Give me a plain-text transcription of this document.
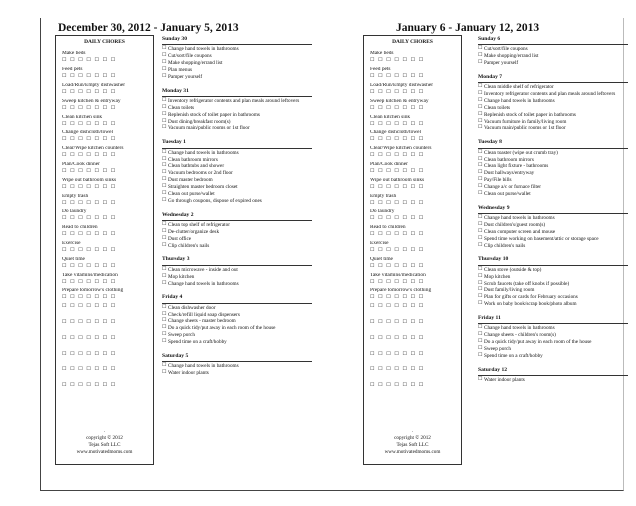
December 30, 2012 - January 5, 2013
DAILY CHORES
Make beds
☐ ☐ ☐ ☐ ☐ ☐ ☐
Feed pets
☐ ☐ ☐ ☐ ☐ ☐ ☐
Load/Run/Empty dishwasher
☐ ☐ ☐ ☐ ☐ ☐ ☐
Sweep kitchen & entryway
☐ ☐ ☐ ☐ ☐ ☐ ☐
Clean kitchen sink
☐ ☐ ☐ ☐ ☐ ☐ ☐
Change dishcloth/towel
☐ ☐ ☐ ☐ ☐ ☐ ☐
Clear/Wipe kitchen counters
☐ ☐ ☐ ☐ ☐ ☐ ☐
Plan/Cook dinner
☐ ☐ ☐ ☐ ☐ ☐ ☐
Wipe out bathroom sinks
☐ ☐ ☐ ☐ ☐ ☐ ☐
Empty trash
☐ ☐ ☐ ☐ ☐ ☐ ☐
Do laundry
☐ ☐ ☐ ☐ ☐ ☐ ☐
Read to children
☐ ☐ ☐ ☐ ☐ ☐ ☐
Exercise
☐ ☐ ☐ ☐ ☐ ☐ ☐
Quiet time
☐ ☐ ☐ ☐ ☐ ☐ ☐
Take vitamins/medication
☐ ☐ ☐ ☐ ☐ ☐ ☐
Prepare tomorrow's clothing
☐ ☐ ☐ ☐ ☐ ☐ ☐
☐ ☐ ☐ ☐ ☐ ☐ ☐
☐ ☐ ☐ ☐ ☐ ☐ ☐
☐ ☐ ☐ ☐ ☐ ☐ ☐
☐ ☐ ☐ ☐ ☐ ☐ ☐
☐ ☐ ☐ ☐ ☐ ☐ ☐
☐ ☐ ☐ ☐ ☐ ☐ ☐
.
copyright © 2012
Tejas Soft LLC
www.motivatedmoms.com
Sunday 30
☐ Change hand towels in bathrooms
☐ Cut/sort/file coupons
☐ Make shopping/errand list
☐ Plan menus
☐ Pamper yourself
Monday 31
☐ Inventory refrigerator contents and plan meals around leftovers
☐ Clean toilets
☐ Replenish stock of toilet paper in bathrooms
☐ Dust dining/breakfast room(s)
☐ Vacuum main/public rooms or 1st floor
Tuesday 1
☐ Change hand towels in bathrooms
☐ Clean bathroom mirrors
☐ Clean bathtubs and shower
☐ Vacuum bedrooms or 2nd floor
☐ Dust master bedroom
☐ Straighten master bedroom closet
☐ Clean out purse/wallet
☐ Go through coupons, dispose of expired ones
Wednesday 2
☐ Clean top shelf of refrigerator
☐ De-clutter/organize desk
☐ Dust office
☐ Clip children's nails
Thursday 3
☐ Clean microwave - inside and out
☐ Mop kitchen
☐ Change hand towels in bathrooms
Friday 4
☐ Clean dishwasher door
☐ Check/refill liquid soap dispensers
☐ Change sheets - master bedroom
☐ Do a quick tidy/put away in each room of the house
☐ Sweep porch
☐ Spend time on a craft/hobby
Saturday 5
☐ Change hand towels in bathrooms
☐ Water indoor plants
January 6 - January 12, 2013
DAILY CHORES
Make beds
☐ ☐ ☐ ☐ ☐ ☐ ☐
Feed pets
☐ ☐ ☐ ☐ ☐ ☐ ☐
Load/Run/Empty dishwasher
☐ ☐ ☐ ☐ ☐ ☐ ☐
Sweep kitchen & entryway
☐ ☐ ☐ ☐ ☐ ☐ ☐
Clean kitchen sink
☐ ☐ ☐ ☐ ☐ ☐ ☐
Change dishcloth/towel
☐ ☐ ☐ ☐ ☐ ☐ ☐
Clear/Wipe kitchen counters
☐ ☐ ☐ ☐ ☐ ☐ ☐
Plan/Cook dinner
☐ ☐ ☐ ☐ ☐ ☐ ☐
Wipe out bathroom sinks
☐ ☐ ☐ ☐ ☐ ☐ ☐
Empty trash
☐ ☐ ☐ ☐ ☐ ☐ ☐
Do laundry
☐ ☐ ☐ ☐ ☐ ☐ ☐
Read to children
☐ ☐ ☐ ☐ ☐ ☐ ☐
Exercise
☐ ☐ ☐ ☐ ☐ ☐ ☐
Quiet time
☐ ☐ ☐ ☐ ☐ ☐ ☐
Take vitamins/medication
☐ ☐ ☐ ☐ ☐ ☐ ☐
Prepare tomorrow's clothing
☐ ☐ ☐ ☐ ☐ ☐ ☐
☐ ☐ ☐ ☐ ☐ ☐ ☐
☐ ☐ ☐ ☐ ☐ ☐ ☐
☐ ☐ ☐ ☐ ☐ ☐ ☐
☐ ☐ ☐ ☐ ☐ ☐ ☐
☐ ☐ ☐ ☐ ☐ ☐ ☐
☐ ☐ ☐ ☐ ☐ ☐ ☐
.
copyright © 2012
Tejas Soft LLC
www.motivatedmoms.com
Sunday 6
☐ Cut/sort/file coupons
☐ Make shopping/errand list
☐ Pamper yourself
Monday 7
☐ Clean middle shelf of refrigerator
☐ Inventory refrigerator contents and plan meals around leftovers
☐ Change hand towels in bathrooms
☐ Clean toilets
☐ Replenish stock of toilet paper in bathrooms
☐ Vacuum furniture in family/living room
☐ Vacuum main/public rooms or 1st floor
Tuesday 8
☐ Clean toaster (wipe out crumb tray)
☐ Clean bathroom mirrors
☐ Clean light fixture - bathrooms
☐ Dust hallways/entryway
☐ Pay/File bills
☐ Change a/c or furnace filter
☐ Clean out purse/wallet
Wednesday 9
☐ Change hand towels in bathrooms
☐ Dust children's/guest room(s)
☐ Clean computer screen and mouse
☐ Spend time working on basement/attic or storage space
☐ Clip children's nails
Thursday 10
☐ Clean stove (outside & top)
☐ Mop kitchen
☐ Scrub faucets (take off knobs if possible)
☐ Dust family/living room
☐ Plan for gifts or cards for February occasions
☐ Work on baby book/scrap book/photo album
Friday 11
☐ Change hand towels in bathrooms
☐ Change sheets - children's room(s)
☐ Do a quick tidy/put away in each room of the house
☐ Sweep porch
☐ Spend time on a craft/hobby
Saturday 12
☐ Water indoor plants
